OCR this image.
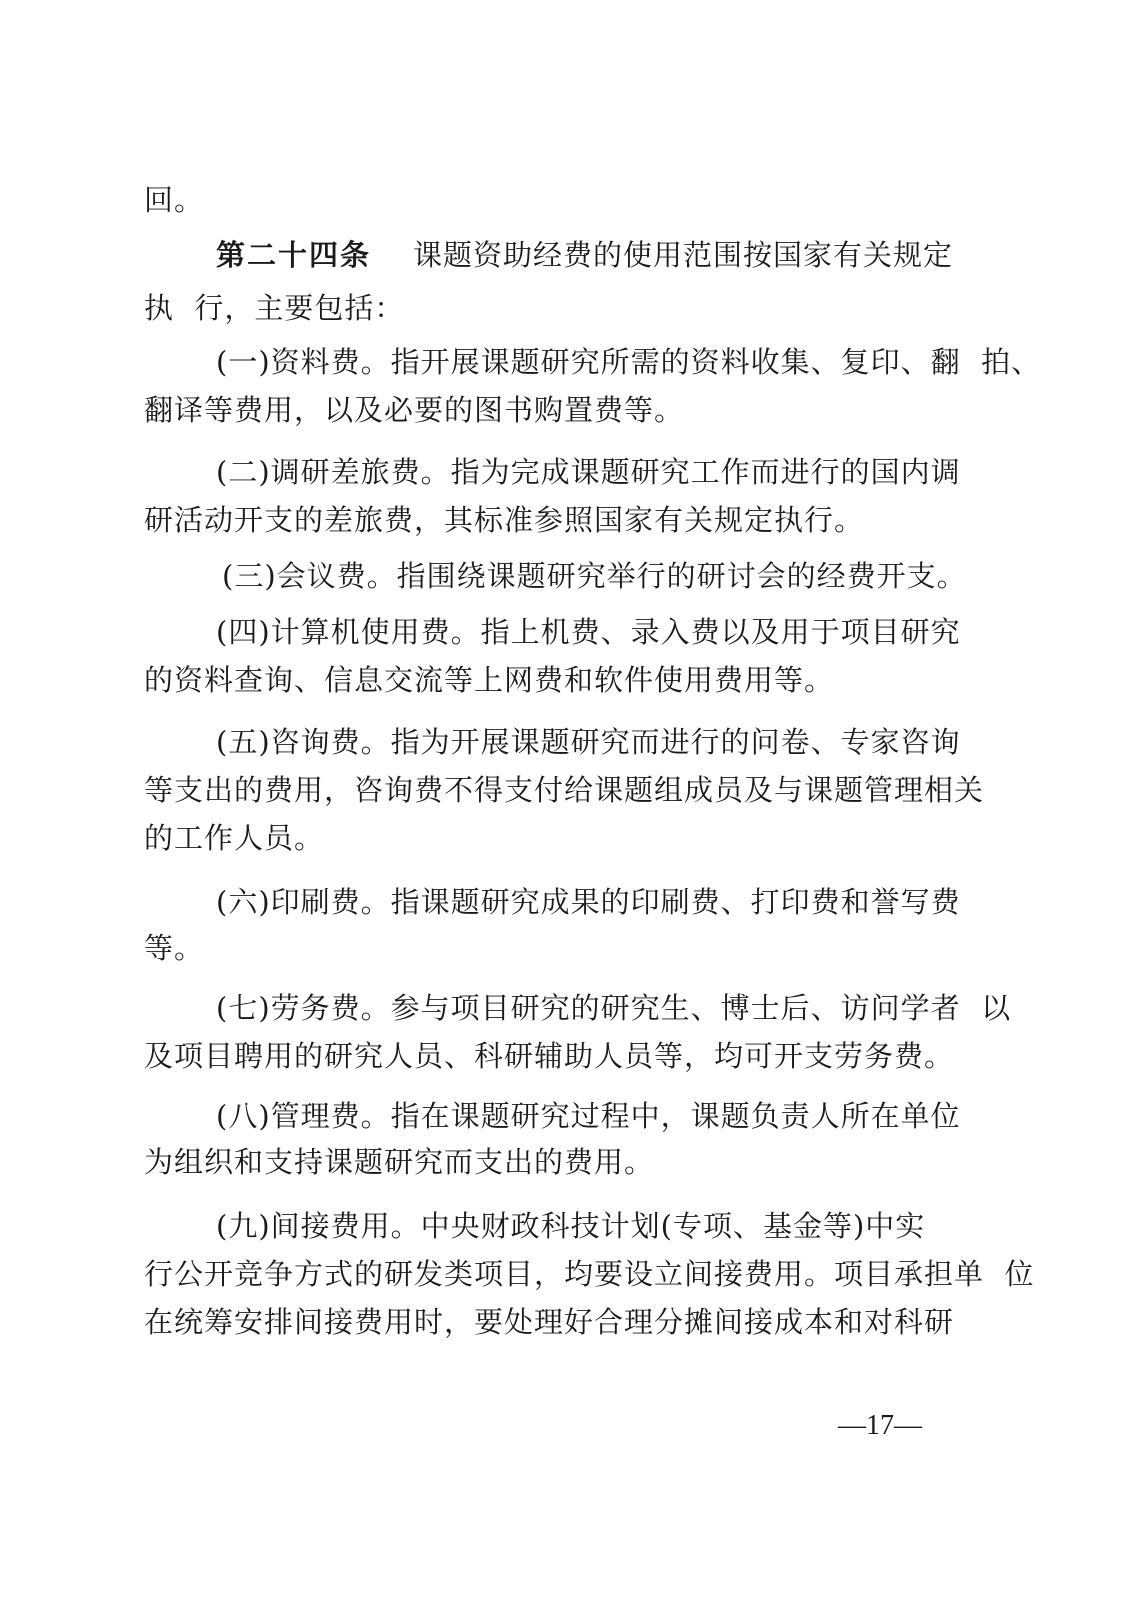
回。
第二十四条 课题资助经费的使用范围按国家有关规定
执  行，主要包括：
(一)资料费。指开展课题研究所需的资料收集、复印、翻  拍、
翻译等费用，以及必要的图书购置费等。
(二)调研差旅费。指为完成课题研究工作而进行的国内调
研活动开支的差旅费，其标准参照国家有关规定执行。
(三)会议费。指围绕课题研究举行的研讨会的经费开支。
(四)计算机使用费。指上机费、录入费以及用于项目研究
的资料查询、信息交流等上网费和软件使用费用等。
(五)咨询费。指为开展课题研究而进行的问卷、专家咨询
等支出的费用，咨询费不得支付给课题组成员及与课题管理相关
的工作人员。
(六)印刷费。指课题研究成果的印刷费、打印费和誉写费
等。
(七)劳务费。参与项目研究的研究生、博士后、访问学者  以
及项目聘用的研究人员、科研辅助人员等，均可开支劳务费。
(八)管理费。指在课题研究过程中，课题负责人所在单位
为组织和支持课题研究而支出的费用。
(九)间接费用。中央财政科技计划(专项、基金等)中实
行公开竞争方式的研发类项目，均要设立间接费用。项目承担单  位
在统筹安排间接费用时，要处理好合理分摊间接成本和对科研
—17—
